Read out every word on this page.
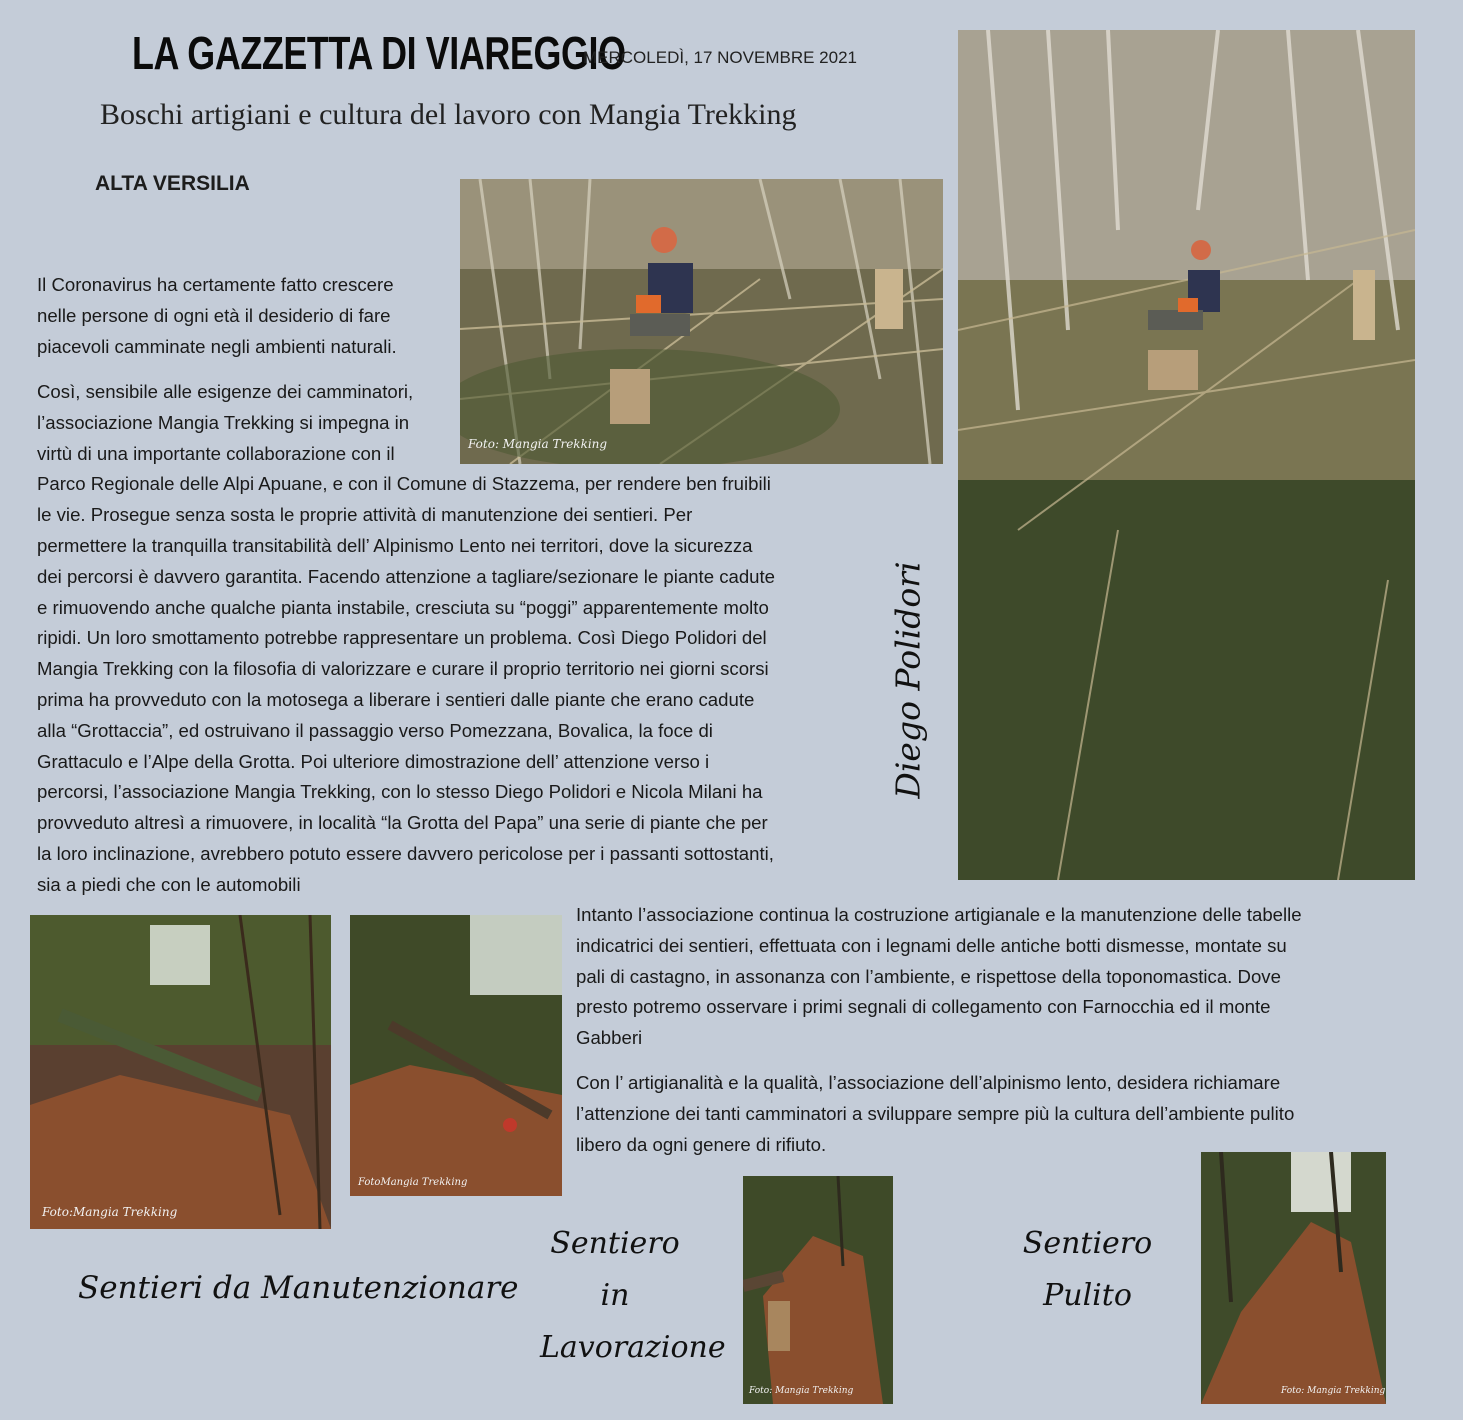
LA GAZZETTA DI VIAREGGIO
MERCOLEDÌ, 17 NOVEMBRE 2021
Boschi artigiani e cultura del lavoro con Mangia Trekking
ALTA VERSILIA
Foto: Mangia Trekking
Diego Polidori

Il Coronavirus ha certamente fatto crescere
nelle persone di ogni età il desiderio di fare
piacevoli camminate negli ambienti naturali.

Così, sensibile alle esigenze dei camminatori,
l’associazione Mangia Trekking si impegna in
virtù di una importante collaborazione con il
Parco Regionale delle Alpi Apuane, e con il Comune di Stazzema, per rendere ben fruibili
le vie. Prosegue senza sosta le proprie attività di manutenzione dei sentieri. Per
permettere la tranquilla transitabilità dell’ Alpinismo Lento nei territori, dove la sicurezza
dei percorsi è davvero garantita. Facendo attenzione a tagliare/sezionare le piante cadute
e rimuovendo anche qualche pianta instabile, cresciuta su “poggi” apparentemente molto
ripidi. Un loro smottamento potrebbe rappresentare un problema. Così Diego Polidori del
Mangia Trekking con la filosofia di valorizzare e curare il proprio territorio nei giorni scorsi
prima ha provveduto con la motosega a liberare i sentieri dalle piante che erano cadute
alla “Grottaccia”, ed ostruivano il passaggio verso Pomezzana, Bovalica, la foce di
Grattaculo e l’Alpe della Grotta. Poi ulteriore dimostrazione dell’ attenzione verso i
percorsi, l’associazione Mangia Trekking, con lo stesso Diego Polidori e Nicola Milani ha
provveduto altresì a rimuovere, in località “la Grotta del Papa” una serie di piante che per
la loro inclinazione, avrebbero potuto essere davvero pericolose per i passanti sottostanti,
sia a piedi che con le automobili

Foto:Mangia Trekking
FotoMangia Trekking

Intanto l’associazione continua la costruzione artigianale e la manutenzione delle tabelle
indicatrici dei sentieri, effettuata con i legnami delle antiche botti dismesse, montate su
pali di castagno, in assonanza con l’ambiente, e rispettose della toponomastica. Dove
presto potremo osservare i primi segnali di collegamento con Farnocchia ed il monte
Gabberi

Con l’ artigianalità e la qualità, l’associazione dell’alpinismo lento, desidera richiamare
l’attenzione dei tanti camminatori a sviluppare sempre più la cultura dell’ambiente pulito
libero da ogni genere di rifiuto.

Sentieri da Manutenzionare
Sentiero
in
Lavorazione
Foto: Mangia Trekking
Sentiero
Pulito
Foto: Mangia Trekking
